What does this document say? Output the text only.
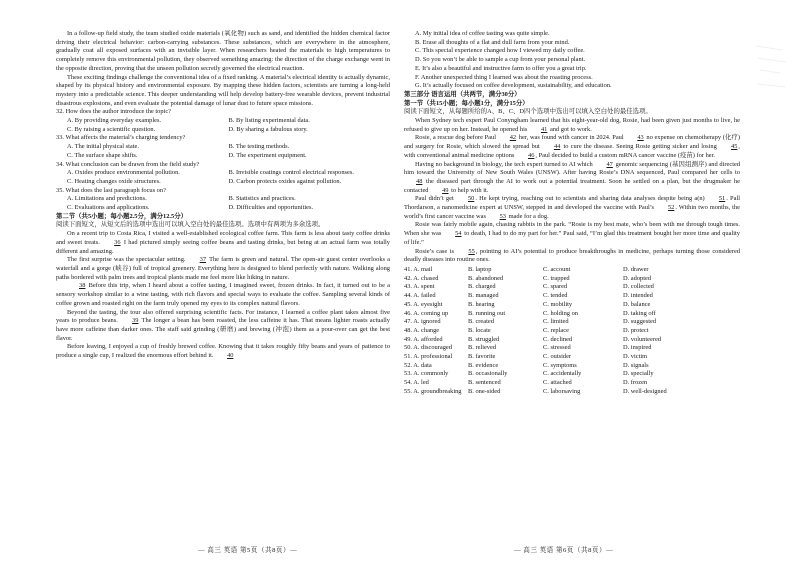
In a follow-up field study, the team studied oxide materials (氧化物) such as sand, and identified the hidden chemical factor driving their electrical behavior: carbon-carrying substances. These substances, which are everywhere in the atmosphere, gradually coat all exposed surfaces with an invisible layer. When researchers heated the materials to high temperatures to completely remove this environmental pollution, they observed something amazing: the direction of the charge exchange went in the opposite direction, proving that the unseen pollution secretly governed the electrical reaction.

These exciting findings challenge the conventional idea of a fixed ranking. A material’s electrical identity is actually dynamic, shaped by its physical history and environmental exposure. By mapping these hidden factors, scientists are turning a long-held mystery into a predictable science. This deeper understanding will help develop battery-free wearable devices, prevent industrial disastrous explosions, and even evaluate the potential damage of lunar dust to future space missions.

32. How does the author introduce the topic?

A. By providing everyday examples.	B. By listing experimental data.
C. By raising a scientific question.	D. By sharing a fabulous story.

33. What affects the material’s charging tendency?

A. The initial physical state.	B. The testing methods.
C. The surface shape shifts.	D. The experiment equipment.

34. What conclusion can be drawn from the field study?

A. Oxides produce environmental pollution.	B. Invisible coatings control electrical responses.
C. Heating changes oxide structures.	D. Carbon protects oxides against pollution.

35. What does the last paragraph focus on?

A. Limitations and predictions.	B. Statistics and practices.
C. Evaluations and applications.	D. Difficulties and opportunities.

第二节（共5小题；每小题2.5分，满分12.5分）

阅读下面短文，从短文后的选项中选出可以填入空白处的最佳选项。选项中有两项为多余选项。

On a recent trip to Costa Rica, I visited a well-established ecological coffee farm. This farm is less about tasty coffee drinks and sweet treats. 36 I had pictured simply seeing coffee beans and tasting drinks, but being at an actual farm was totally different and amazing.

The first surprise was the spectacular setting. 37 The farm is green and natural. The open-air guest center overlooks a waterfall and a gorge (峡谷) full of tropical greenery. Everything here is designed to blend perfectly with nature. Walking along paths bordered with palm trees and tropical plants made me feel more like hiking in nature.

38 Before this trip, when I heard about a coffee tasting, I imagined sweet, frozen drinks. In fact, it turned out to be a sensory workshop similar to a wine tasting, with rich flavors and special ways to evaluate the coffee. Sampling several kinds of coffee grown and roasted right on the farm truly opened my eyes to its complex natural flavors.

Beyond the tasting, the tour also offered surprising scientific facts. For instance, I learned a coffee plant takes almost five years to produce beans. 39 The longer a bean has been roasted, the less caffeine it has. That means lighter roasts actually have more caffeine than darker ones. The staff said grinding (研磨) and brewing (冲泡) them as a pour-over can get the best flavor.

Before leaving, I enjoyed a cup of freshly brewed coffee. Knowing that it takes roughly fifty beans and years of patience to produce a single cup, I realized the enormous effort behind it. 40

A. My initial idea of coffee tasting was quite simple.

B. Erase all thoughts of a flat and dull farm from your mind.

C. This special experience changed how I viewed my daily coffee.

D. So you won’t be able to sample a cup from your personal plant.

E. It’s also a beautiful and instructive farm to offer you a great trip.

F. Another unexpected thing I learned was about the roasting process.

G. It’s actually focused on coffee development, sustainability, and education.

第三部分 语言运用（共两节，满分30分）

第一节（共15小题；每小题1分，满分15分）

阅读下面短文，从每题所给的A、B、C、D四个选项中选出可以填入空白处的最佳选项。

When Sydney tech expert Paul Conyngham learned that his eight-year-old dog, Rosie, had been given just months to live, he refused to give up on her. Instead, he opened his 41 and got to work.

Rosie, a rescue dog before Paul 42 her, was found with cancer in 2024. Paul 43 no expense on chemotherapy (化疗) and surgery for Rosie, which slowed the spread but 44 to cure the disease. Seeing Rosie getting sicker and losing 45, with conventional animal medicine options 46, Paul decided to build a custom mRNA cancer vaccine (疫苗) for her.

Having no background in biology, the tech expert turned to AI which 47 genomic sequencing (基因组测序) and directed him toward the University of New South Wales (UNSW). After having Rosie’s DNA sequenced, Paul compared her cells to 48 the diseased part through the AI to work out a potential treatment. Soon he settled on a plan, but the drugmaker he contacted 49 to help with it.

Paul didn’t get 50. He kept trying, reaching out to scientists and sharing data analyses despite being a(n) 51. Pall Thordarson, a nanomedicine expert at UNSW, stepped in and developed the vaccine with Paul’s 52. Within two months, the world’s first cancer vaccine was 53 made for a dog.

Rosie was fairly mobile again, chasing rabbits in the park. “Rosie is my best mate, who’s been with me through tough times. When she was 54 to death, I had to do my part for her.” Paul said, “I’m glad this treatment bought her more time and quality of life.”

Rosie’s case is 55, pointing to AI’s potential to produce breakthroughs in medicine, perhaps turning those considered deadly diseases into routine ones.

41. A. mail	B. laptop	C. account	D. drawer
42. A. chased	B. abandoned	C. trapped	D. adopted
43. A. spent	B. charged	C. spared	D. collected
44. A. failed	B. managed	C. tended	D. intended
45. A. eyesight	B. hearing	C. mobility	D. balance
46. A. coming up	B. running out	C. holding on	D. taking off
47. A. ignored	B. created	C. limited	D. suggested
48. A. change	B. locate	C. replace	D. protect
49. A. afforded	B. struggled	C. declined	D. volunteered
50. A. discouraged	B. relieved	C. stressed	D. inspired
51. A. professional	B. favorite	C. outsider	D. victim
52. A. data	B. evidence	C. symptoms	D. signals
53. A. commonly	B. occasionally	C. accidentally	D. specially
54. A. led	B. sentenced	C. attached	D. frozen
55. A. groundbreaking	B. one-sided	C. laborsaving	D. well-designed
— 高三 英语 第5页（共8页）—	— 高三 英语 第6页（共8页）—
